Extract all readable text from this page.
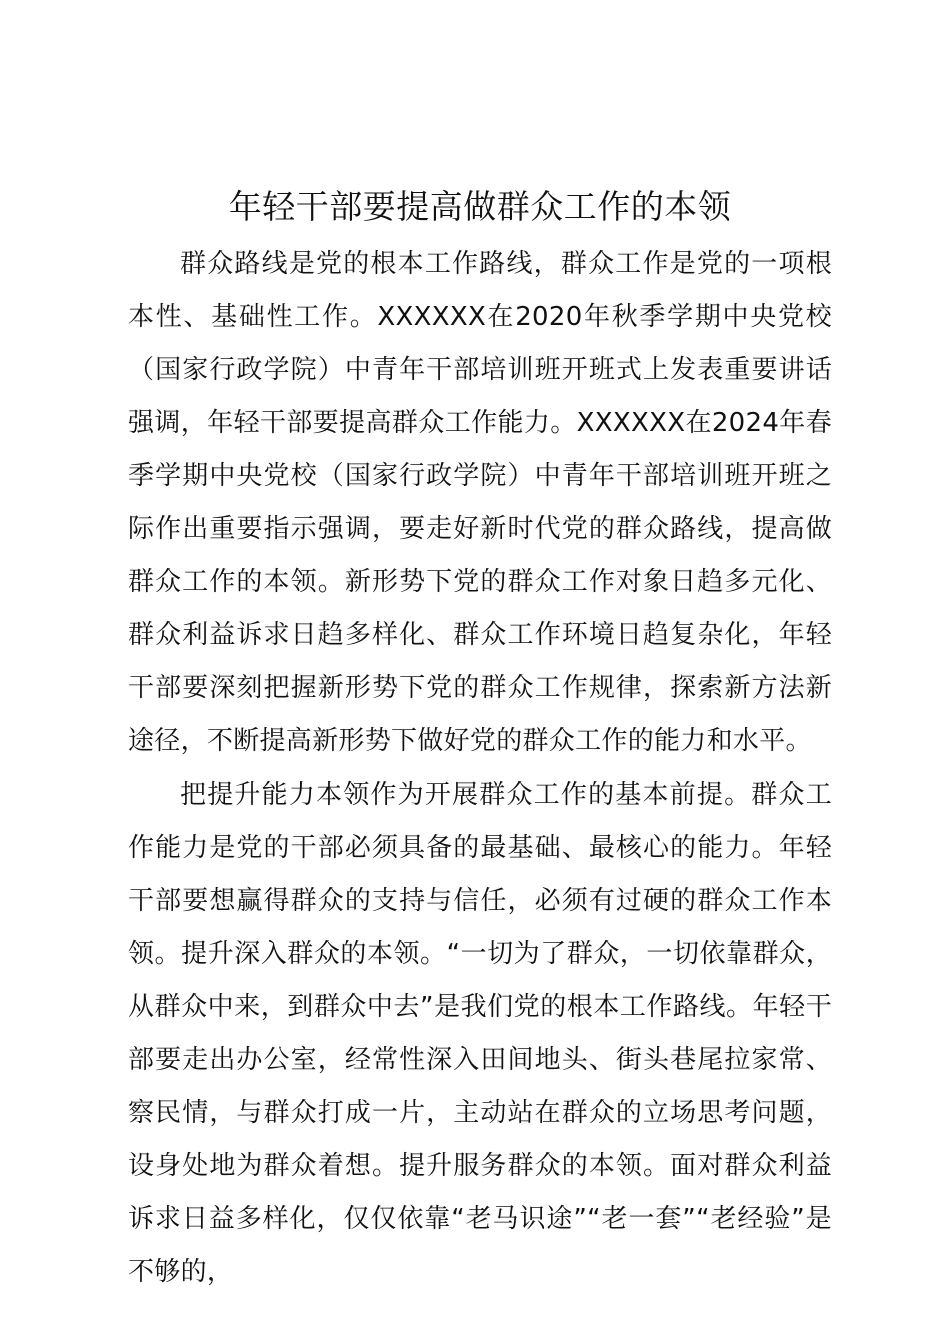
年轻干部要提高做群众工作的本领

群众路线是党的根本工作路线，群众工作是党的一项根本性、基础性工作。XXXXXX在2020年秋季学期中央党校（国家行政学院）中青年干部培训班开班式上发表重要讲话强调，年轻干部要提高群众工作能力。XXXXXX在2024年春季学期中央党校（国家行政学院）中青年干部培训班开班之际作出重要指示强调，要走好新时代党的群众路线，提高做群众工作的本领。新形势下党的群众工作对象日趋多元化、群众利益诉求日趋多样化、群众工作环境日趋复杂化，年轻干部要深刻把握新形势下党的群众工作规律，探索新方法新途径，不断提高新形势下做好党的群众工作的能力和水平。

把提升能力本领作为开展群众工作的基本前提。群众工作能力是党的干部必须具备的最基础、最核心的能力。年轻干部要想赢得群众的支持与信任，必须有过硬的群众工作本领。提升深入群众的本领。“一切为了群众，一切依靠群众，从群众中来，到群众中去”是我们党的根本工作路线。年轻干部要走出办公室，经常性深入田间地头、街头巷尾拉家常、察民情，与群众打成一片，主动站在群众的立场思考问题，设身处地为群众着想。提升服务群众的本领。面对群众利益诉求日益多样化，仅仅依靠“老马识途”“老一套”“老经验”是不够的，
